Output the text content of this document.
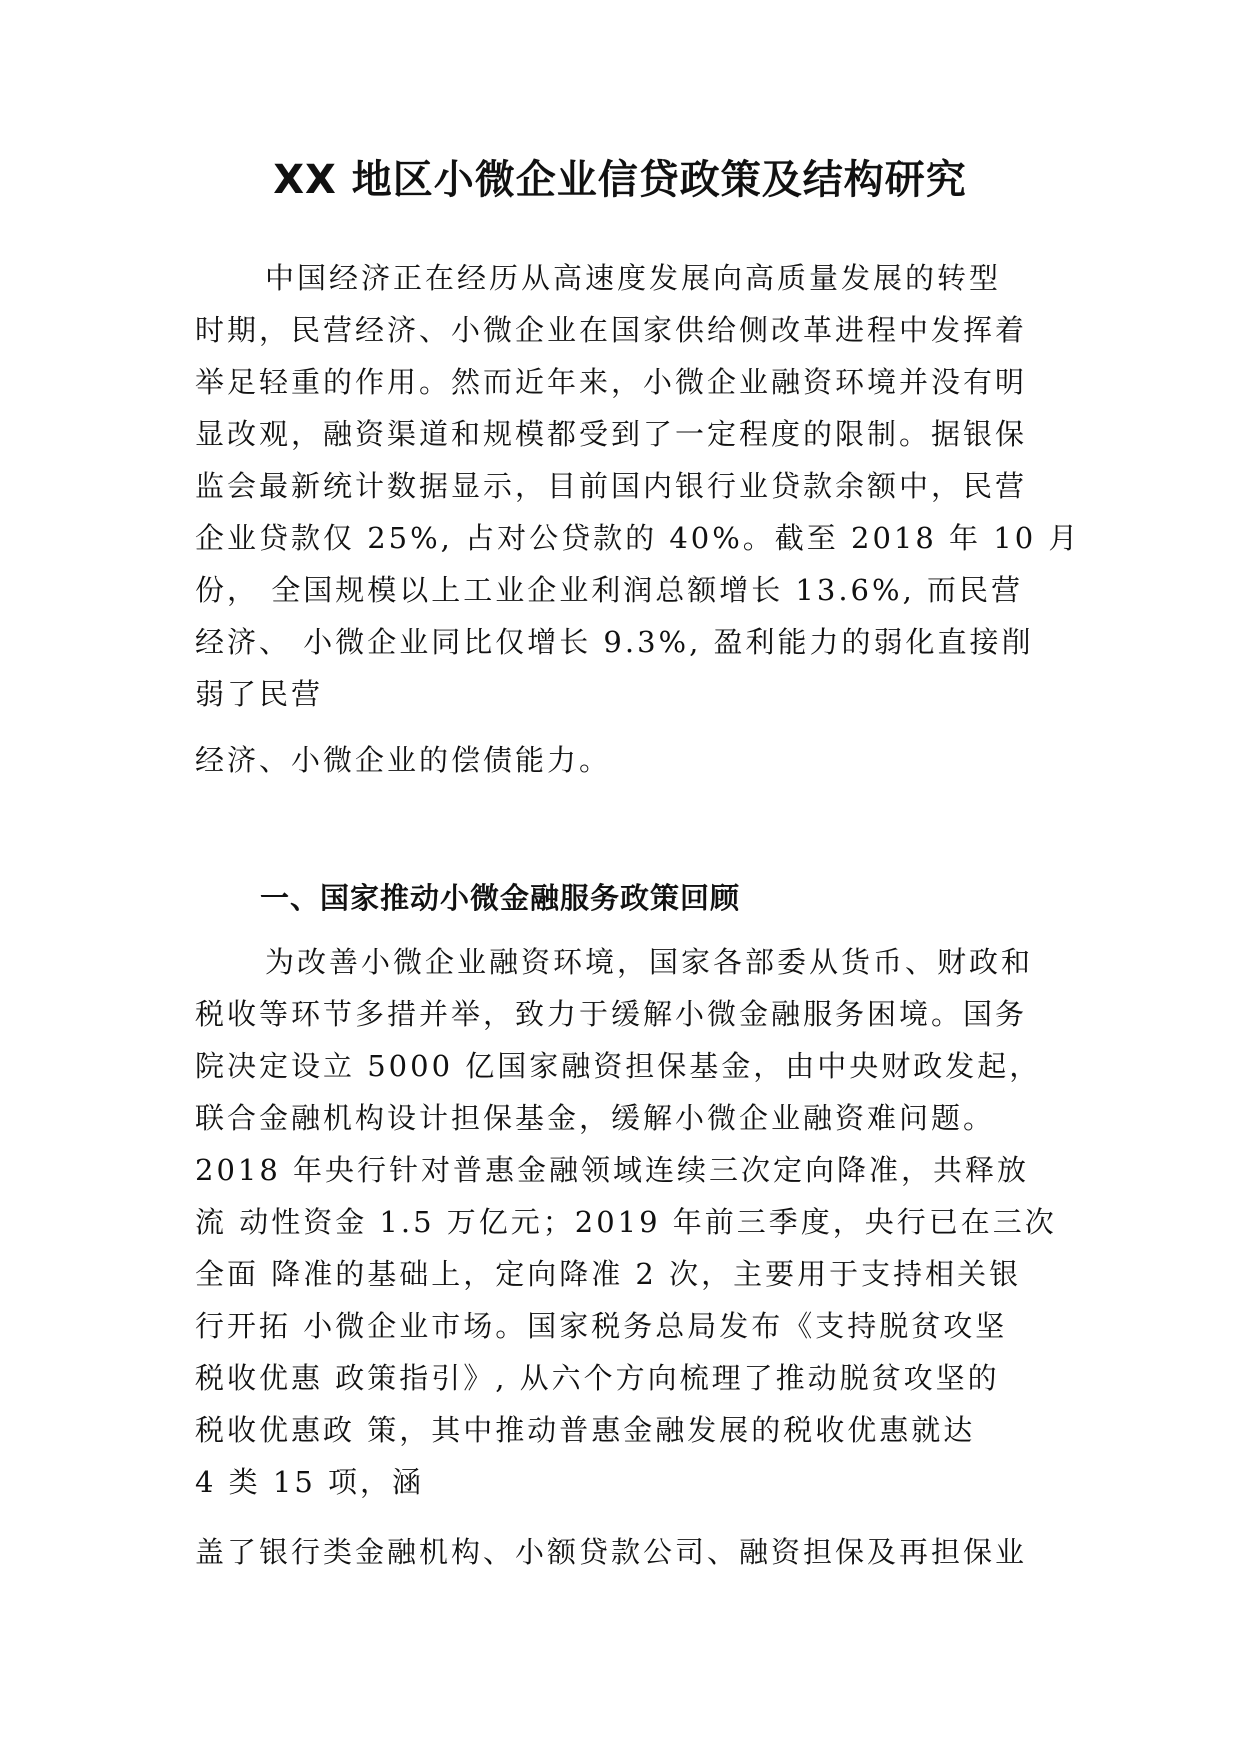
XX 地区小微企业信贷政策及结构研究
中国经济正在经历从高速度发展向高质量发展的转型
时期，民营经济、小微企业在国家供给侧改革进程中发挥着
举足轻重的作用。然而近年来，小微企业融资环境并没有明
显改观，融资渠道和规模都受到了一定程度的限制。据银保
监会最新统计数据显示，目前国内银行业贷款余额中，民营
企业贷款仅 25%, 占对公贷款的 40%。截至 2018 年 10 月
份， 全国规模以上工业企业利润总额增长 13.6%, 而民营
经济、 小微企业同比仅增长 9.3%, 盈利能力的弱化直接削
弱了民营
经济、小微企业的偿债能力。
一、国家推动小微金融服务政策回顾
为改善小微企业融资环境，国家各部委从货币、财政和
税收等环节多措并举，致力于缓解小微金融服务困境。国务
院决定设立 5000 亿国家融资担保基金，由中央财政发起，
联合金融机构设计担保基金，缓解小微企业融资难问题。
2018 年央行针对普惠金融领域连续三次定向降准，共释放
流 动性资金 1.5 万亿元；2019 年前三季度，央行已在三次
全面 降准的基础上，定向降准 2 次，主要用于支持相关银
行开拓 小微企业市场。国家税务总局发布《支持脱贫攻坚
税收优惠 政策指引》, 从六个方向梳理了推动脱贫攻坚的
税收优惠政 策，其中推动普惠金融发展的税收优惠就达
4 类 15 项，涵
盖了银行类金融机构、小额贷款公司、融资担保及再担保业
